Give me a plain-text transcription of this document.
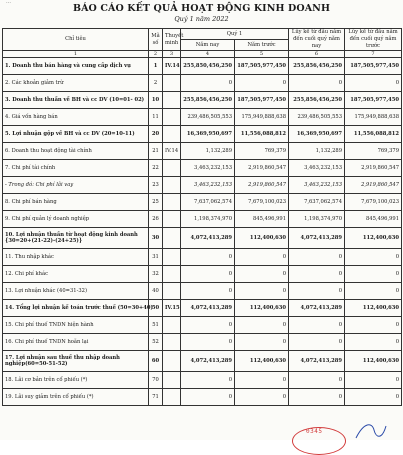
…
BÁO CÁO KẾT QUẢ HOẠT ĐỘNG KINH DOANH
Quý 1 năm 2022
Chỉ tiêu	Mã số	Thuyết minh	Quý 1		Lũy kế từ đầu năm đến cuối quý năm nay	Lũy kế từ đầu năm đến cuối quý năm trước
			Năm nay	Năm trước		
1	2	3	4	5	6	7
1. Doanh thu bán hàng và cung cấp dịch vụ	1	IV.14	255,850,456,250	187,505,977,450	255,856,456,250	187,505,977,450
2. Các khoản giảm trừ	2		0	0	0	0
3. Doanh thu thuần về BH và cc DV (10=01- 02)	10		255,856,456,250	187,505,977,450	255,856,456,250	187,505,977,450
4. Giá vốn hàng bán	11		239,486,505,553	175,949,888,638	239,486,505,553	175,949,888,638
5. Lợi nhuận gộp về BH và cc DV (20=10-11)	20		16,369,950,697	11,556,088,812	16,369,950,697	11,556,088,812
6. Doanh thu hoạt động tài chính	21	IV.14	1,132,289	769,379	1,132,289	769,379
7. Chi phí tài chính	22		3,463,232,153	2,919,860,547	3,463,232,153	2,919,860,547
- Trong đó: Chi phí lãi vay	23		3,463,232,153	2,919,860,547	3,463,232,153	2,919,860,547
8. Chi phí bán hàng	25		7,637,062,574	7,679,100,023	7,637,062,574	7,679,100,023
9. Chi phí quản lý doanh nghiệp	26		1,198,374,970	845,496,991	1,198,374,970	845,496,991
10. Lợi nhuận thuần từ hoạt động kinh doanh {30=20+(21-22)-(24+25)}	30		4,072,413,289	112,400,630	4,072,413,289	112,400,630
11. Thu nhập khác	31		0	0	0	0
12. Chi phí khác	32		0	0	0	0
13. Lợi nhuận khác (40=31-32)	40		0	0	0	0
14. Tổng lợi nhuận kế toán trước thuế (50=30+40)	50	IV.15	4,072,413,289	112,400,630	4,072,413,289	112,400,630
15. Chi phí thuế TNDN hiện hành	51		0	0	0	0
16. Chi phí thuế TNDN hoãn lại	52		0	0	0	0
17. Lợi nhuận sau thuế thu nhập doanh nghiệp(60=50-51-52)	60		4,072,413,289	112,400,630	4,072,413,289	112,400,630
18. Lãi cơ bản trên cổ phiếu (*)	70		0	0	0	0
19. Lãi suy giảm trên cổ phiếu (*)	71		0	0	0	0
0345
